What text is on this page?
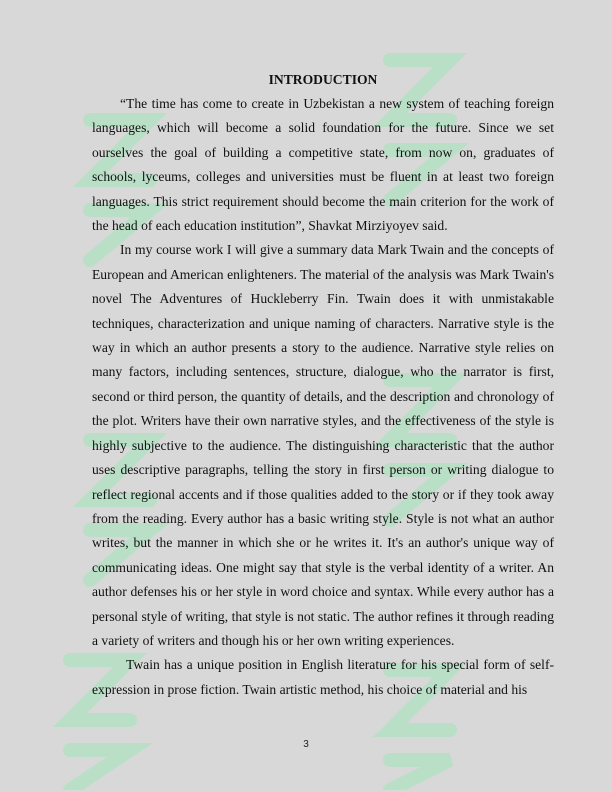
INTRODUCTION

“The time has come to create in Uzbekistan a new system of teaching foreign languages, which will become a solid foundation for the future. Since we set ourselves the goal of building a competitive state, from now on, graduates of schools, lyceums, colleges and universities must be fluent in at least two foreign languages. This strict requirement should become the main criterion for the work of the head of each education institution”, Shavkat Mirziyoyev said.

In my course work I will give a summary data Mark Twain and the concepts of European and American enlighteners. The material of the analysis was Mark Twain's novel The Adventures of Huckleberry Fin. Twain does it with unmistakable techniques, characterization and unique naming of characters. Narrative style is the way in which an author presents a story to the audience. Narrative style relies on many factors, including sentences, structure, dialogue, who the narrator is first, second or third person, the quantity of details, and the description and chronology of the plot. Writers have their own narrative styles, and the effectiveness of the style is highly subjective to the audience. The distinguishing characteristic that the author uses descriptive paragraphs, telling the story in first person or writing dialogue to reflect regional accents and if those qualities added to the story or if they took away from the reading. Every author has a basic writing style. Style is not what an author writes, but the manner in which she or he writes it. It's an author's unique way of communicating ideas. One might say that style is the verbal identity of a writer. An author defenses his or her style in word choice and syntax. While every author has a personal style of writing, that style is not static. The author refines it through reading a variety of writers and though his or her own writing experiences.

Twain has a unique position in English literature for his special form of self-expression in prose fiction. Twain artistic method, his choice of material and his

3
